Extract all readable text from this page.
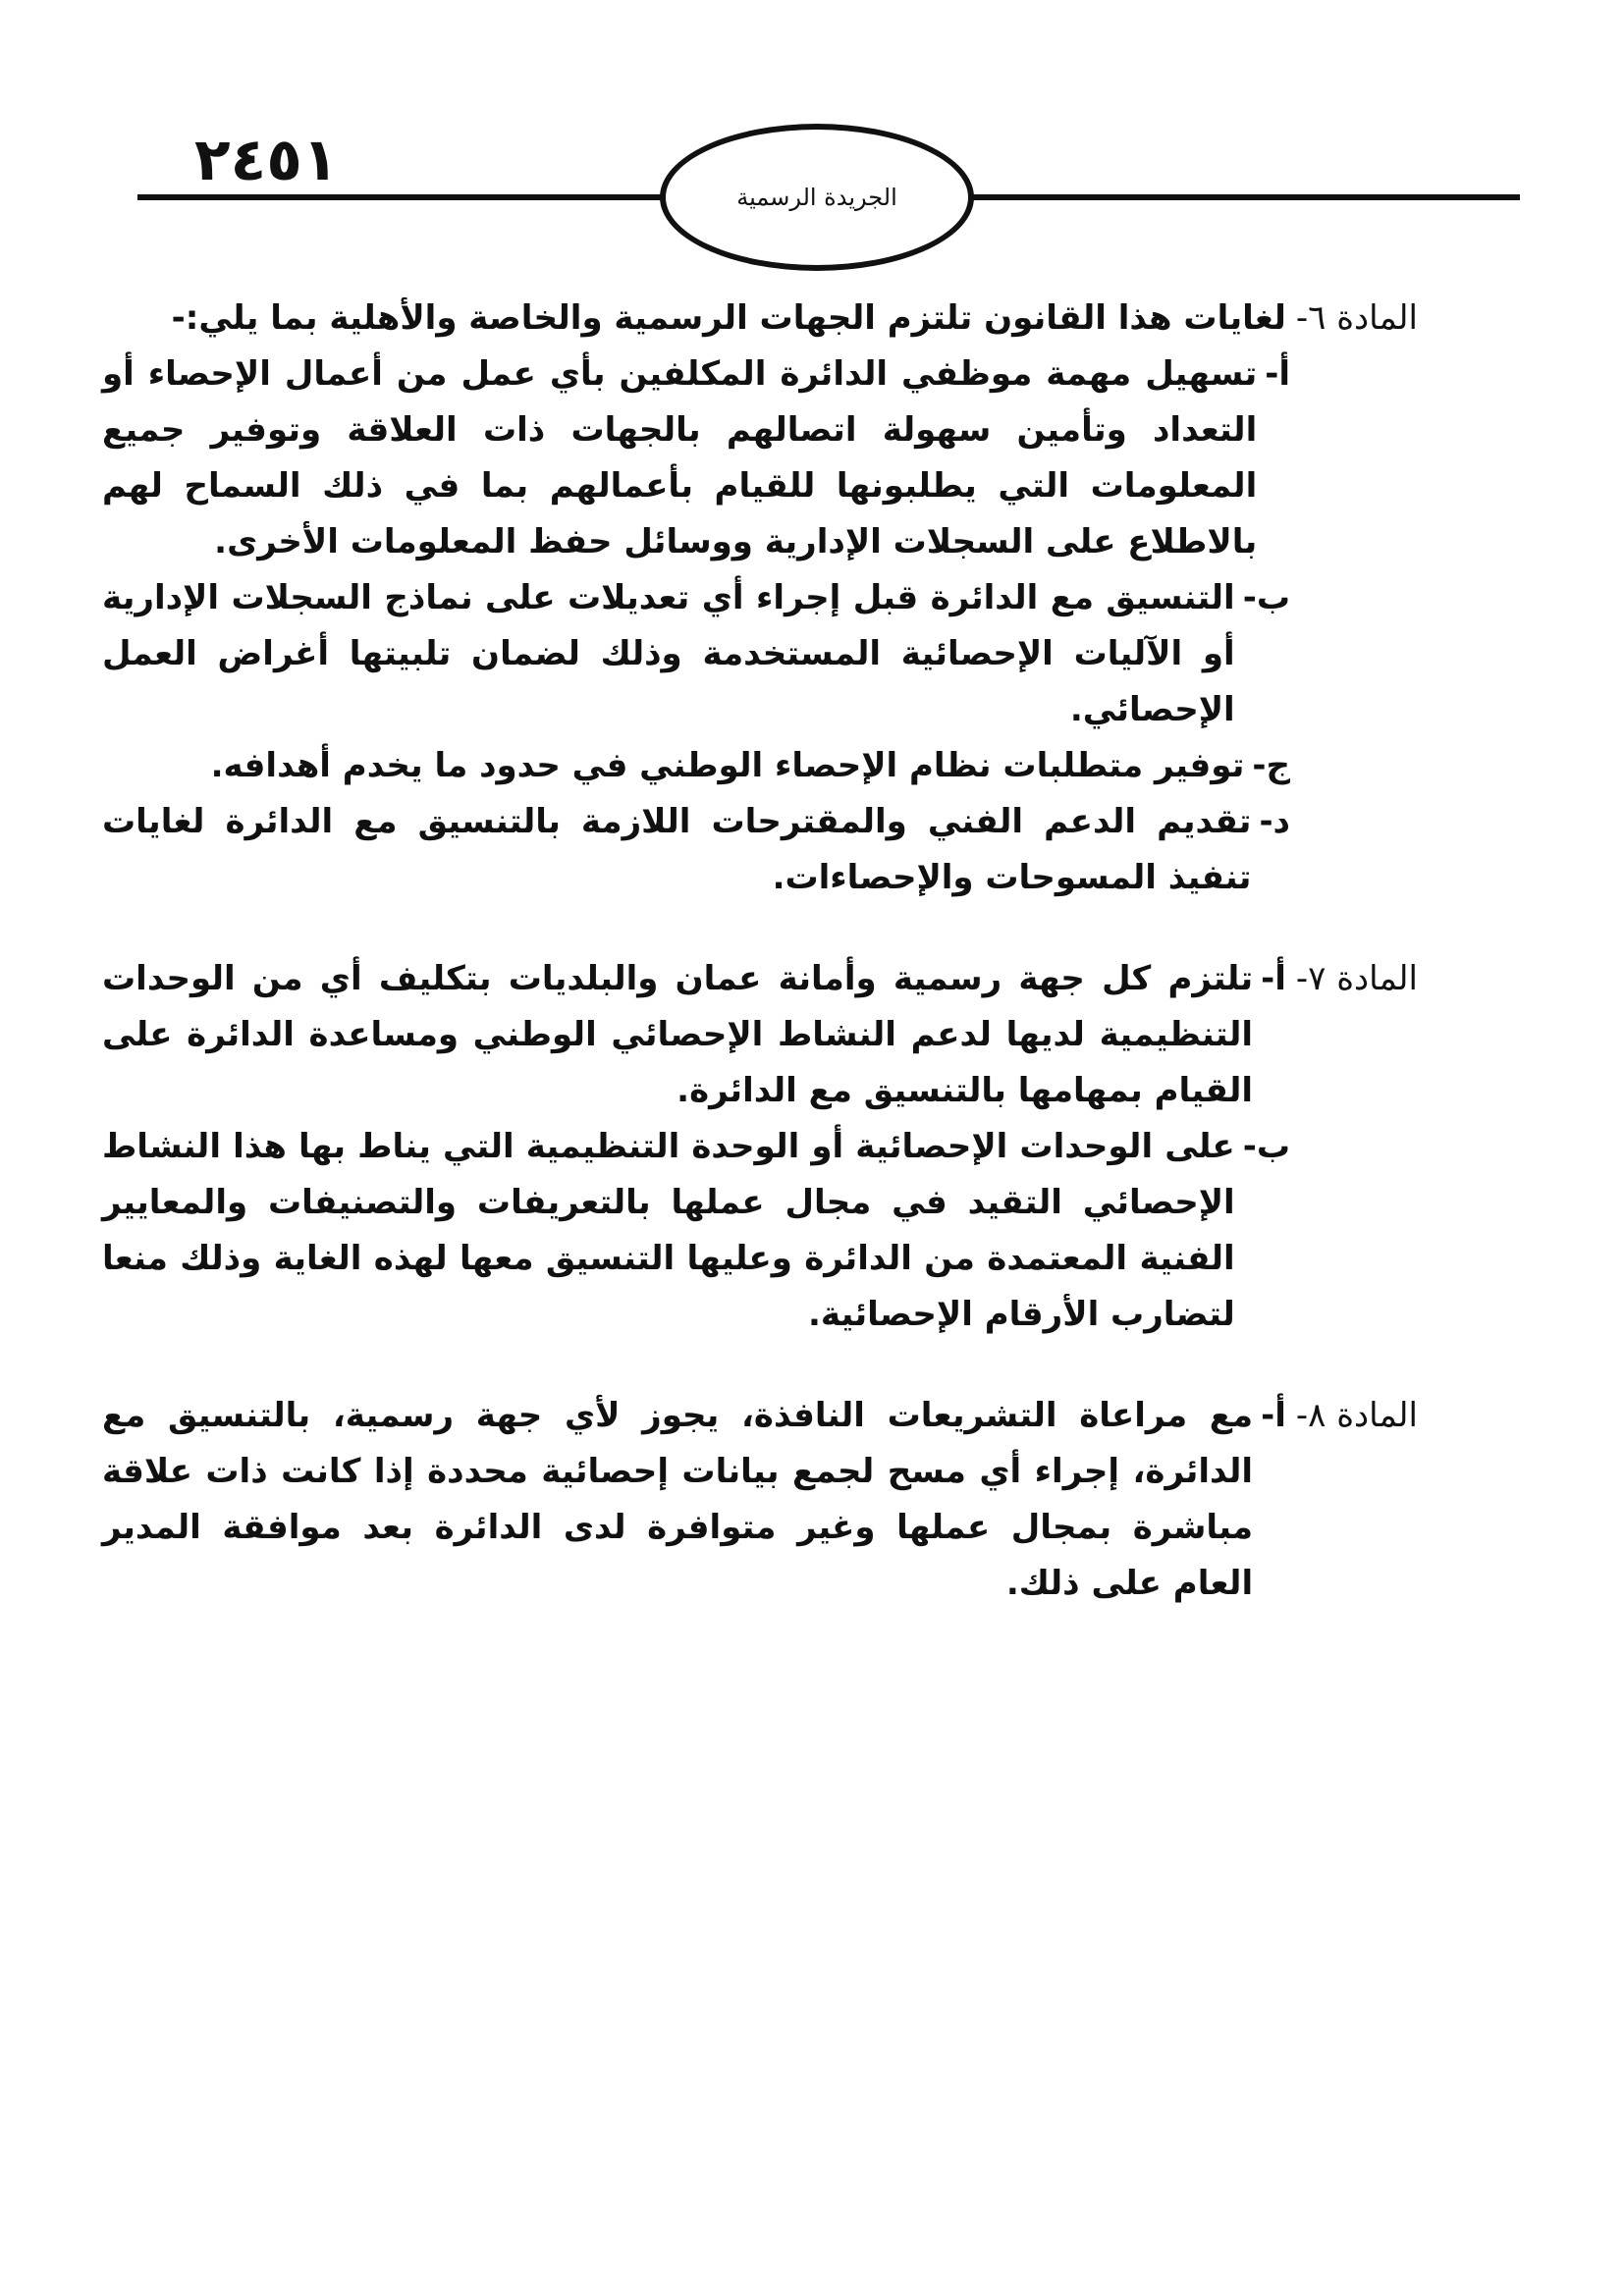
٢٤٥١
الجريدة الرسمية
المادة ٦-
لغايات هذا القانون تلتزم الجهات الرسمية والخاصة والأهلية بما يلي:-
أ-
تسهيل مهمة موظفي الدائرة المكلفين بأي عمل من أعمال الإحصاء أو التعداد وتأمين سهولة اتصالهم بالجهات ذات العلاقة وتوفير جميع المعلومات التي يطلبونها للقيام بأعمالهم بما في ذلك السماح لهم بالاطلاع على السجلات الإدارية ووسائل حفظ المعلومات الأخرى.
ب-
التنسيق مع الدائرة قبل إجراء أي تعديلات على نماذج السجلات الإدارية أو الآليات الإحصائية المستخدمة وذلك لضمان تلبيتها أغراض العمل الإحصائي.
ج-
توفير متطلبات نظام الإحصاء الوطني في حدود ما يخدم أهدافه.
د-
تقديم الدعم الفني والمقترحات اللازمة بالتنسيق مع الدائرة لغايات تنفيذ المسوحات والإحصاءات.
المادة ٧-
أ-
تلتزم كل جهة رسمية وأمانة عمان والبلديات بتكليف أي من الوحدات التنظيمية لديها لدعم النشاط الإحصائي الوطني ومساعدة الدائرة على القيام بمهامها بالتنسيق مع الدائرة.
ب-
على الوحدات الإحصائية أو الوحدة التنظيمية التي يناط بها هذا النشاط الإحصائي التقيد في مجال عملها بالتعريفات والتصنيفات والمعايير الفنية المعتمدة من الدائرة وعليها التنسيق معها لهذه الغاية وذلك منعا لتضارب الأرقام الإحصائية.
المادة ٨-
أ-
مع مراعاة التشريعات النافذة، يجوز لأي جهة رسمية، بالتنسيق مع الدائرة، إجراء أي مسح لجمع بيانات إحصائية محددة إذا كانت ذات علاقة مباشرة بمجال عملها وغير متوافرة لدى الدائرة بعد موافقة المدير العام على ذلك.
